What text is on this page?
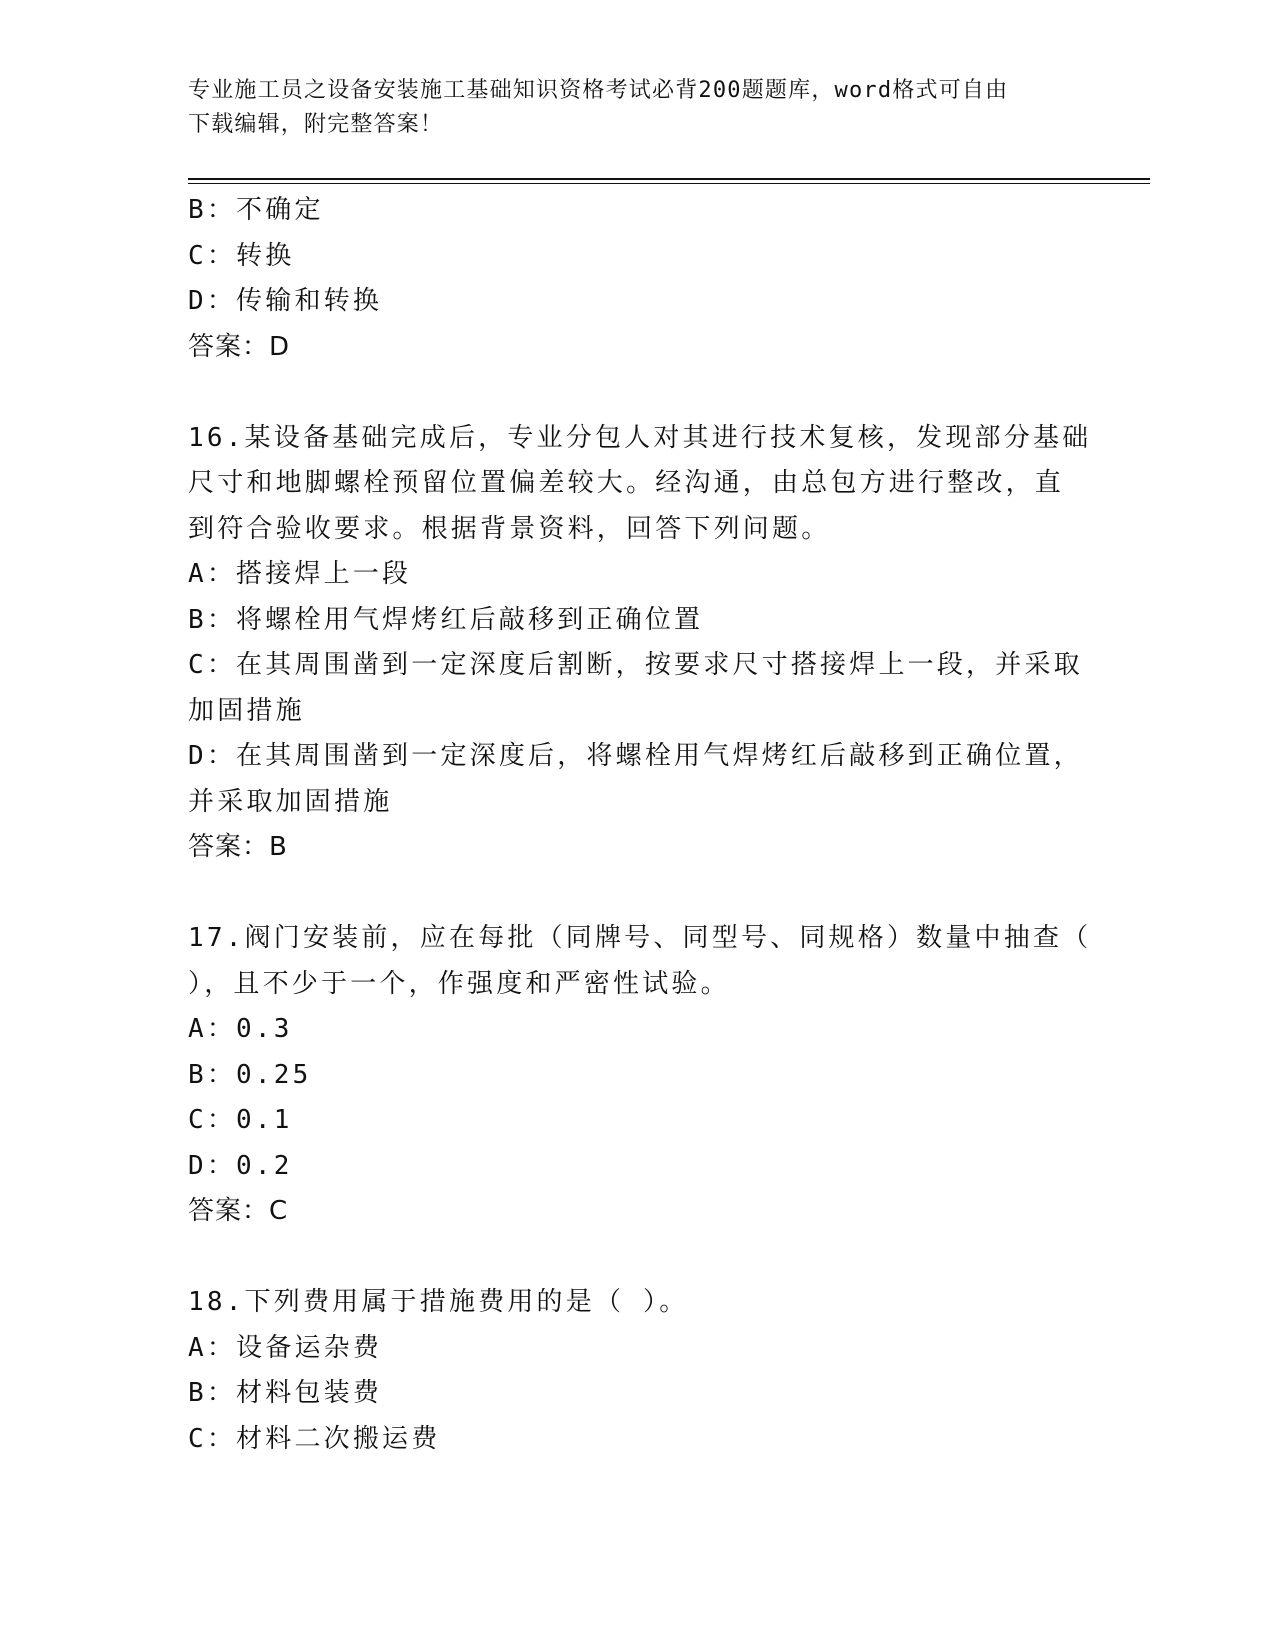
专业施工员之设备安装施工基础知识资格考试必背200题题库，word格式可自由
下载编辑，附完整答案！
B：不确定
C：转换
D：传输和转换
答案：D
16.某设备基础完成后，专业分包人对其进行技术复核，发现部分基础
尺寸和地脚螺栓预留位置偏差较大。经沟通，由总包方进行整改，直
到符合验收要求。根据背景资料，回答下列问题。
A：搭接焊上一段
B：将螺栓用气焊烤红后敲移到正确位置
C：在其周围凿到一定深度后割断，按要求尺寸搭接焊上一段，并采取
加固措施
D：在其周围凿到一定深度后，将螺栓用气焊烤红后敲移到正确位置，
并采取加固措施
答案：B
17.阀门安装前，应在每批（同牌号、同型号、同规格）数量中抽查（
），且不少于一个，作强度和严密性试验。
A：0.3
B：0.25
C：0.1
D：0.2
答案：C
18.下列费用属于措施费用的是（ ）。
A：设备运杂费
B：材料包装费
C：材料二次搬运费
